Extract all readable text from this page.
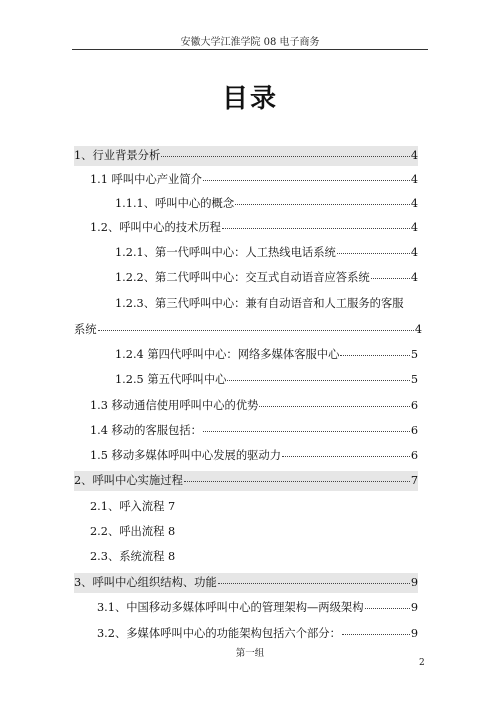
安徽大学江淮学院 08 电子商务
目录
1、行业背景分析	4
1.1 呼叫中心产业简介	4
1.1.1、呼叫中心的概念	4
1.2、呼叫中心的技术历程	4
1.2.1、第一代呼叫中心：人工热线电话系统	4
1.2.2、第二代呼叫中心：交互式自动语音应答系统	4
1.2.3、第三代呼叫中心：兼有自动语音和人工服务的客服
系统	4
1.2.4 第四代呼叫中心：网络多媒体客服中心	5
1.2.5 第五代呼叫中心	5
1.3 移动通信使用呼叫中心的优势	6
1.4 移动的客服包括：	6
1.5 移动多媒体呼叫中心发展的驱动力	6
2、呼叫中心实施过程	7
2.1、呼入流程 7
2.2、呼出流程 8
2.3、系统流程 8
3、呼叫中心组织结构、功能	9
3.1、中国移动多媒体呼叫中心的管理架构—两级架构	9
3.2、多媒体呼叫中心的功能架构包括六个部分：	9
第一组
2
